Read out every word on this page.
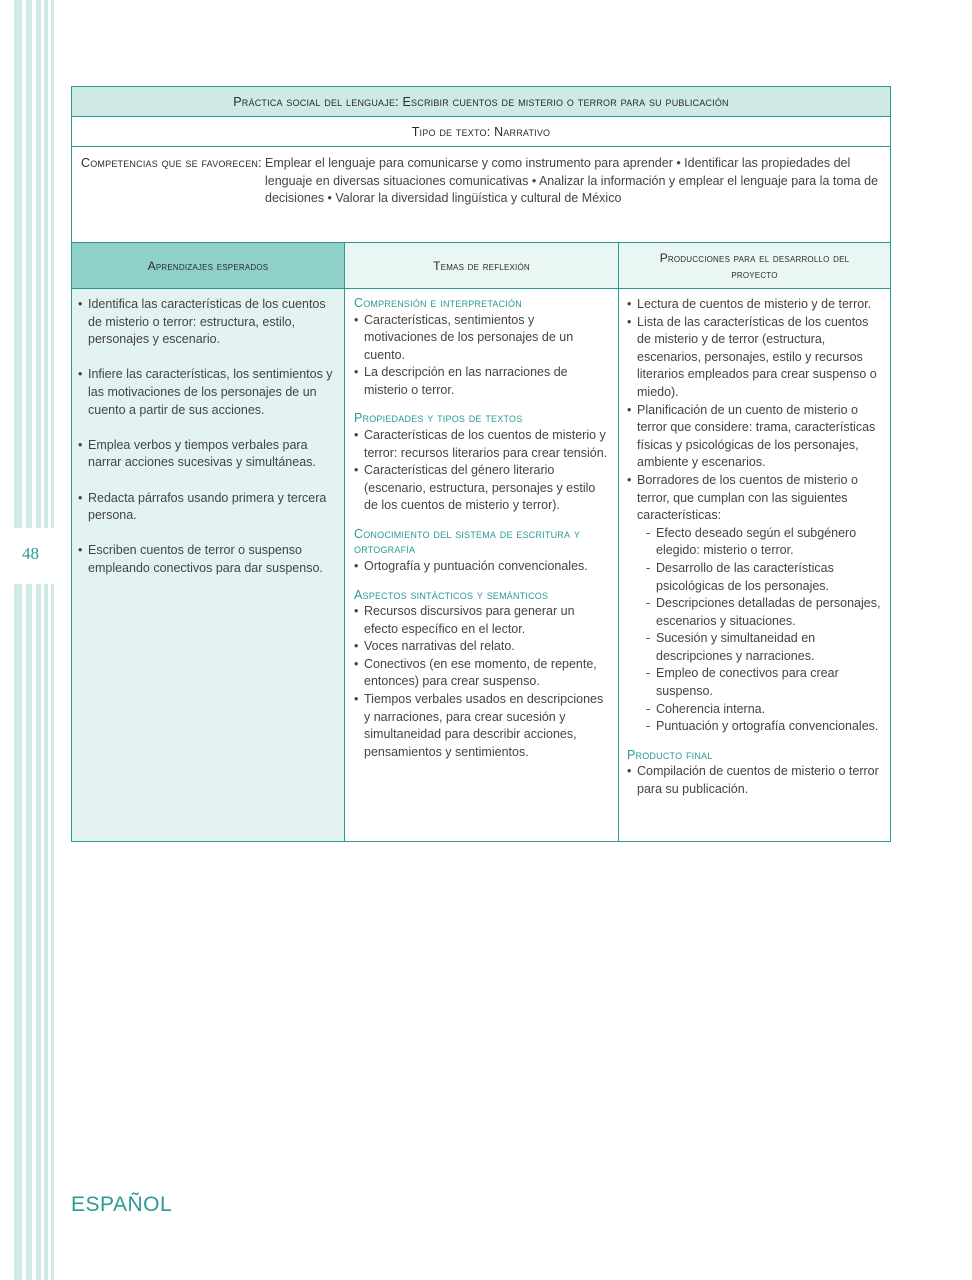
48
Práctica social del lenguaje: Escribir cuentos de misterio o terror para su publicación
Tipo de texto: Narrativo
Competencias que se favorecen: Emplear el lenguaje para comunicarse y como instrumento para aprender • Identificar las propiedades del lenguaje en diversas situaciones comunicativas • Analizar la información y emplear el lenguaje para la toma de decisiones • Valorar la diversidad lingüística y cultural de México
Aprendizajes esperados	Temas de reflexión
Producciones para el desarrollo del proyecto
• Identifica las características de los cuentos de misterio o terror: estructura, estilo, personajes y escenario.
• Infiere las características, los sentimientos y las motivaciones de los personajes de un cuento a partir de sus acciones.
• Emplea verbos y tiempos verbales para narrar acciones sucesivas y simultáneas.
• Redacta párrafos usando primera y tercera persona.
• Escriben cuentos de terror o suspenso empleando conectivos para dar suspenso.
Comprensión e interpretación
• Características, sentimientos y motivaciones de los personajes de un cuento.
• La descripción en las narraciones de misterio o terror.
Propiedades y tipos de textos
• Características de los cuentos de misterio y terror: recursos literarios para crear tensión.
• Características del género literario (escenario, estructura, personajes y estilo de los cuentos de misterio y terror).
Conocimiento del sistema de escritura y ortografía
• Ortografía y puntuación convencionales.
Aspectos sintácticos y semánticos
• Recursos discursivos para generar un efecto específico en el lector.
• Voces narrativas del relato.
• Conectivos (en ese momento, de repente, entonces) para crear suspenso.
• Tiempos verbales usados en descripciones y narraciones, para crear sucesión y simultaneidad para describir acciones, pensamientos y sentimientos.
• Lectura de cuentos de misterio y de terror.
• Lista de las características de los cuentos de misterio y de terror (estructura, escenarios, personajes, estilo y recursos literarios empleados para crear suspenso o miedo).
• Planificación de un cuento de misterio o terror que considere: trama, características físicas y psicológicas de los personajes, ambiente y escenarios.
• Borradores de los cuentos de misterio o terror, que cumplan con las siguientes características:
- Efecto deseado según el subgénero elegido: misterio o terror.
- Desarrollo de las características psicológicas de los personajes.
- Descripciones detalladas de personajes, escenarios y situaciones.
- Sucesión y simultaneidad en descripciones y narraciones.
- Empleo de conectivos para crear suspenso.
- Coherencia interna.
- Puntuación y ortografía convencionales.
Producto final
• Compilación de cuentos de misterio o terror para su publicación.
ESPAÑOL
